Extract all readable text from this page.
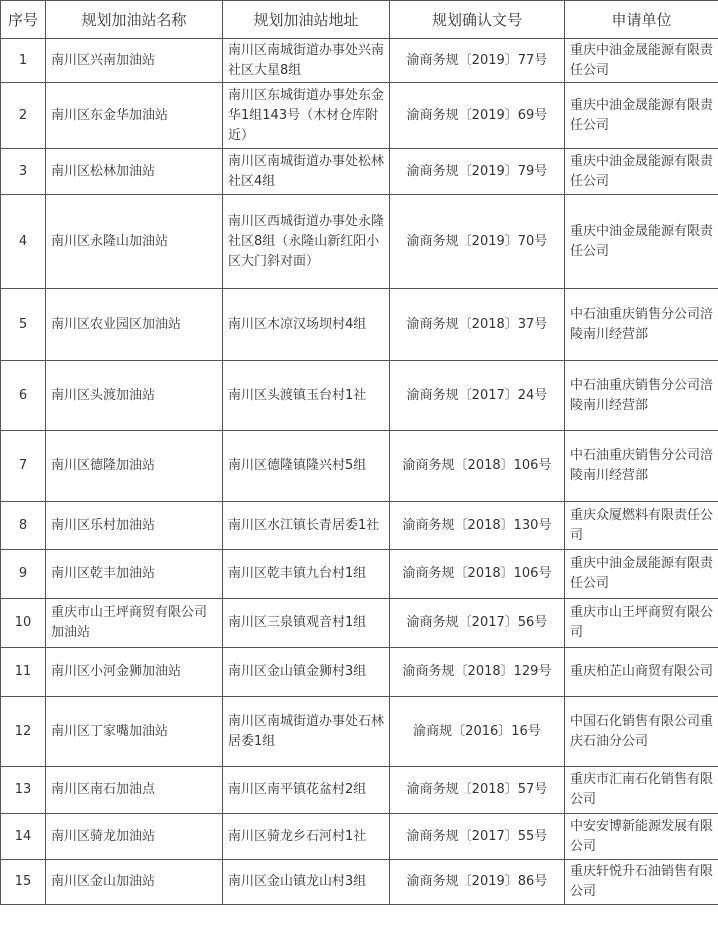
序号	规划加油站名称	规划加油站地址	规划确认文号	申请单位
1	南川区兴南加油站	南川区南城街道办事处兴南社区大星8组	渝商务规〔2019〕77号	重庆中油金晟能源有限责任公司
2	南川区东金华加油站	南川区东城街道办事处东金华1组143号（木材仓库附近）	渝商务规〔2019〕69号	重庆中油金晟能源有限责任公司
3	南川区松林加油站	南川区南城街道办事处松林社区4组	渝商务规〔2019〕79号	重庆中油金晟能源有限责任公司
4	南川区永隆山加油站	南川区西城街道办事处永隆社区8组（永隆山新红阳小区大门斜对面）	渝商务规〔2019〕70号	重庆中油金晟能源有限责任公司
5	南川区农业园区加油站	南川区木凉汉场坝村4组	渝商务规〔2018〕37号	中石油重庆销售分公司涪陵南川经营部
6	南川区头渡加油站	南川区头渡镇玉台村1社	渝商务规〔2017〕24号	中石油重庆销售分公司涪陵南川经营部
7	南川区德隆加油站	南川区德隆镇隆兴村5组	渝商务规〔2018〕106号	中石油重庆销售分公司涪陵南川经营部
8	南川区乐村加油站	南川区水江镇长青居委1社	渝商务规〔2018〕130号	重庆众厦燃料有限责任公司
9	南川区乾丰加油站	南川区乾丰镇九台村1组	渝商务规〔2018〕106号	重庆中油金晟能源有限责任公司
10	重庆市山王坪商贸有限公司加油站	南川区三泉镇观音村1组	渝商务规〔2017〕56号	重庆市山王坪商贸有限公司
11	南川区小河金狮加油站	南川区金山镇金狮村3组	渝商务规〔2018〕129号	重庆柏芷山商贸有限公司
12	南川区丁家嘴加油站	南川区南城街道办事处石林居委1组	渝商规〔2016〕16号	中国石化销售有限公司重庆石油分公司
13	南川区南石加油点	南川区南平镇花盆村2组	渝商务规〔2018〕57号	重庆市汇南石化销售有限公司
14	南川区骑龙加油站	南川区骑龙乡石河村1社	渝商务规〔2017〕55号	中安安博新能源发展有限公司
15	南川区金山加油站	南川区金山镇龙山村3组	渝商务规〔2019〕86号	重庆轩悦升石油销售有限公司
